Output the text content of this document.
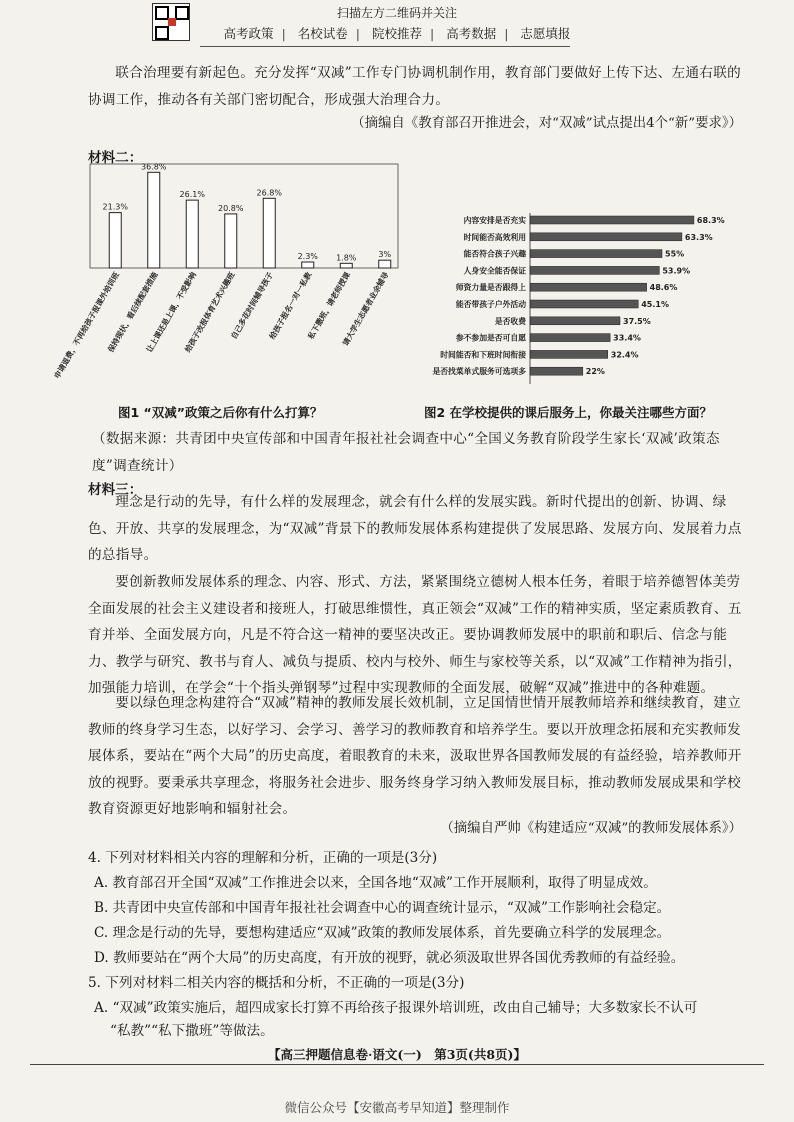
扫描左方二维码并关注
高考政策 | 名校试卷 | 院校推荐 | 高考数据 | 志愿填报

联合治理要有新起色。充分发挥“双减”工作专门协调机制作用，教育部门要做好上传下达、左通右联的协调工作，推动各有关部门密切配合，形成强大治理合力。

（摘编自《教育部召开推进会，对“双减”试点提出4个“新”要求》）
材料二：
21.3%
申请退费，不再给孩子报课外培训班
36.8%
保持现状，看后续配套措施
26.1%
让上课还是上课，不受影响
20.8%
给孩子改报体育艺术兴趣班
26.8%
自己多花时间辅导孩子
2.3%
给孩子报名一对一私教
1.8%
私下撒班，请老师授课
3%
请大学生志愿者业余辅导
内容安排是否充实	68.3%
时间能否高效利用	63.3%
能否符合孩子兴趣	55%
人身安全能否保证	53.9%
师资力量是否跟得上	48.6%
能否带孩子户外活动	45.1%
是否收费	37.5%
参不参加是否可自愿	33.4%
时间能否和下班时间衔接	32.4%
是否找菜单式服务可选项多	22%
图1 “双减”政策之后你有什么打算？	图2 在学校提供的课后服务上，你最关注哪些方面？

（数据来源：共青团中央宣传部和中国青年报社社会调查中心“全国义务教育阶段学生家长‘双减’政策态度”调查统计）

材料三：

理念是行动的先导，有什么样的发展理念，就会有什么样的发展实践。新时代提出的创新、协调、绿色、开放、共享的发展理念，为“双减”背景下的教师发展体系构建提供了发展思路、发展方向、发展着力点的总指导。

要创新教师发展体系的理念、内容、形式、方法，紧紧围绕立德树人根本任务，着眼于培养德智体美劳全面发展的社会主义建设者和接班人，打破思维惯性，真正领会“双减”工作的精神实质，坚定素质教育、五育并举、全面发展方向，凡是不符合这一精神的要坚决改正。要协调教师发展中的职前和职后、信念与能力、教学与研究、教书与育人、减负与提质、校内与校外、师生与家校等关系，以“双减”工作精神为指引，加强能力培训，在学会“十个指头弹钢琴”过程中实现教师的全面发展，破解“双减”推进中的各种难题。

要以绿色理念构建符合“双减”精神的教师发展长效机制，立足国情世情开展教师培养和继续教育，建立教师的终身学习生态，以好学习、会学习、善学习的教师教育和培养学生。要以开放理念拓展和充实教师发展体系，要站在“两个大局”的历史高度，着眼教育的未来，汲取世界各国教师发展的有益经验，培养教师开放的视野。要秉承共享理念，将服务社会进步、服务终身学习纳入教师发展目标，推动教师发展成果和学校教育资源更好地影响和辐射社会。

（摘编自严帅《构建适应“双减”的教师发展体系》）

4. 下列对材料相关内容的理解和分析，正确的一项是(3分)

A. 教育部召开全国“双减”工作推进会以来，全国各地“双减”工作开展顺利，取得了明显成效。

B. 共青团中央宣传部和中国青年报社社会调查中心的调查统计显示，“双减”工作影响社会稳定。

C. 理念是行动的先导，要想构建适应“双减”政策的教师发展体系，首先要确立科学的发展理念。

D. 教师要站在“两个大局”的历史高度，有开放的视野，就必须汲取世界各国优秀教师的有益经验。

5. 下列对材料二相关内容的概括和分析，不正确的一项是(3分)

A. “双减”政策实施后，超四成家长打算不再给孩子报课外培训班，改由自己辅导；大多数家长不认可

“私教”“私下撒班”等做法。

【高三押题信息卷·语文(一)　第3页(共8页)】
微信公众号【安徽高考早知道】整理制作
